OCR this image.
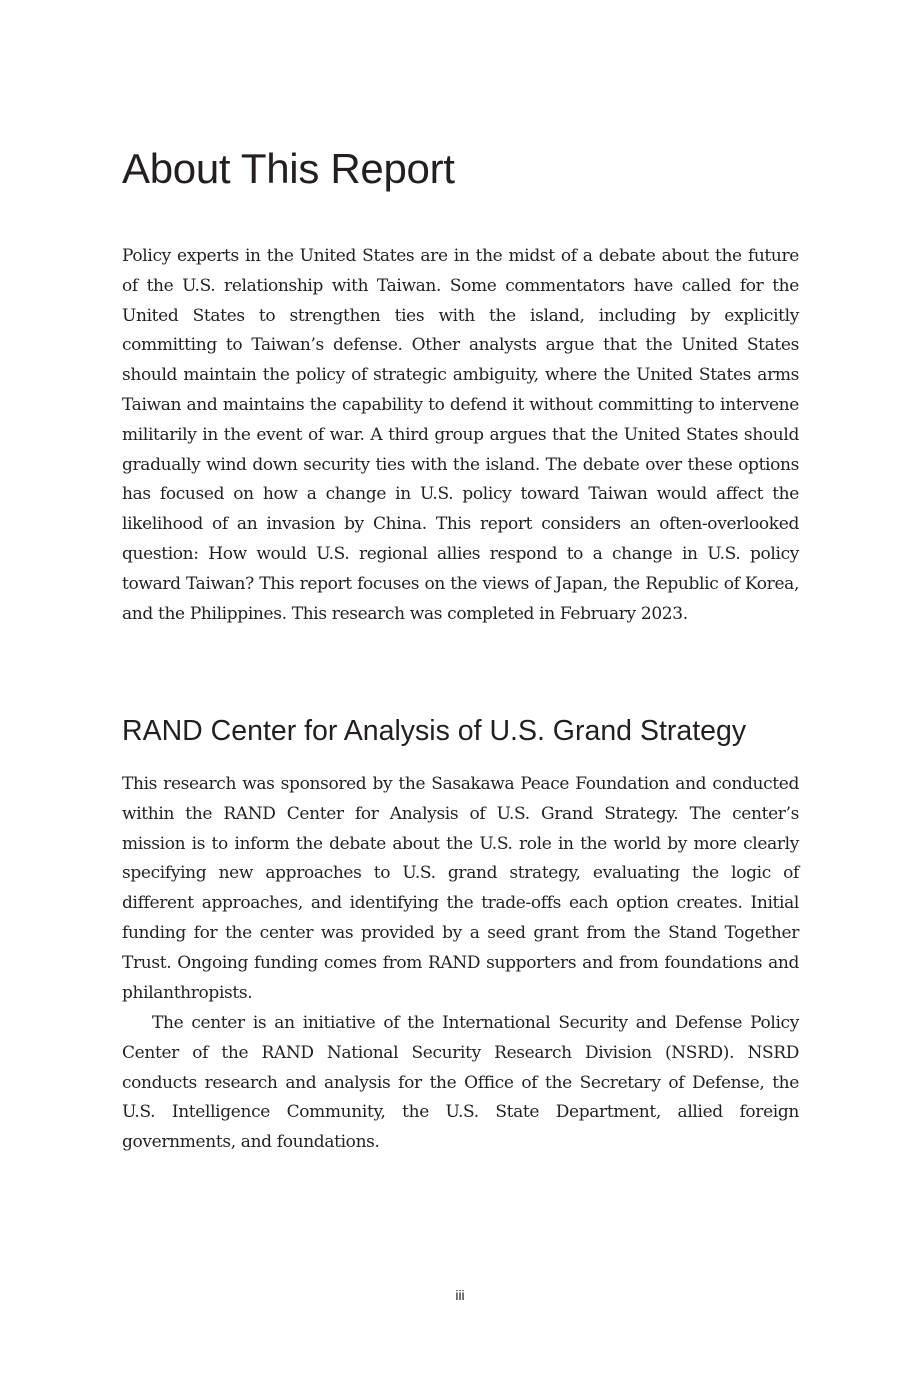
About This Report

Policy experts in the United States are in the midst of a debate about the future of the U.S. relationship with Taiwan. Some commentators have called for the United States to strengthen ties with the island, including by explicitly committing to Taiwan’s defense. Other analysts argue that the United States should maintain the policy of strategic ambiguity, where the United States arms Taiwan and maintains the capability to defend it without committing to intervene militarily in the event of war. A third group argues that the United States should gradually wind down security ties with the island. The debate over these options has focused on how a change in U.S. policy toward Taiwan would affect the likelihood of an invasion by China. This report considers an often-overlooked question: How would U.S. regional allies respond to a change in U.S. policy toward Taiwan? This report focuses on the views of Japan, the Republic of Korea, and the Philippines. This research was completed in February 2023.

RAND Center for Analysis of U.S. Grand Strategy

This research was sponsored by the Sasakawa Peace Foundation and conducted within the RAND Center for Analysis of U.S. Grand Strategy. The center’s mission is to inform the debate about the U.S. role in the world by more clearly specifying new approaches to U.S. grand strategy, evaluating the logic of different approaches, and identifying the trade-offs each option creates. Initial funding for the center was provided by a seed grant from the Stand Together Trust. Ongoing funding comes from RAND supporters and from foundations and philanthropists.

The center is an initiative of the International Security and Defense Policy Center of the RAND National Security Research Division (NSRD). NSRD conducts research and analysis for the Office of the Secretary of Defense, the U.S. Intelligence Community, the U.S. State Department, allied foreign governments, and foundations.

iii
